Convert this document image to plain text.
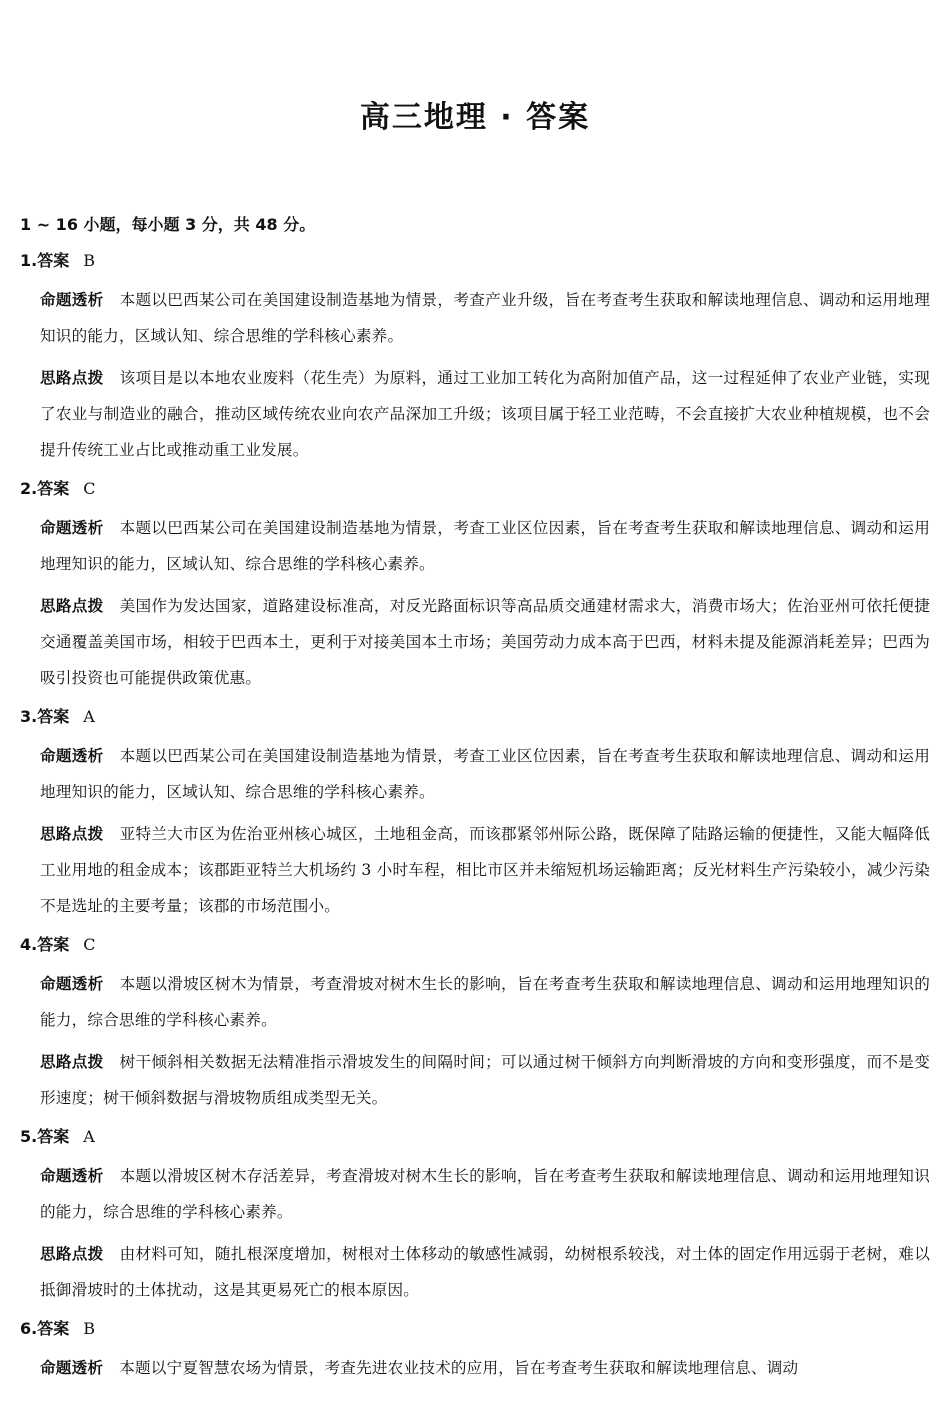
高三地理 · 答案
1 ~ 16 小题，每小题 3 分，共 48 分。
1.答案 B
命题透析 本题以巴西某公司在美国建设制造基地为情景，考查产业升级，旨在考查考生获取和解读地理信息、调动和运用地理知识的能力，区域认知、综合思维的学科核心素养。
思路点拨 该项目是以本地农业废料（花生壳）为原料，通过工业加工转化为高附加值产品，这一过程延伸了农业产业链，实现了农业与制造业的融合，推动区域传统农业向农产品深加工升级；该项目属于轻工业范畴，不会直接扩大农业种植规模，也不会提升传统工业占比或推动重工业发展。
2.答案 C
命题透析 本题以巴西某公司在美国建设制造基地为情景，考查工业区位因素，旨在考查考生获取和解读地理信息、调动和运用地理知识的能力，区域认知、综合思维的学科核心素养。
思路点拨 美国作为发达国家，道路建设标准高，对反光路面标识等高品质交通建材需求大，消费市场大；佐治亚州可依托便捷交通覆盖美国市场，相较于巴西本土，更利于对接美国本土市场；美国劳动力成本高于巴西，材料未提及能源消耗差异；巴西为吸引投资也可能提供政策优惠。
3.答案 A
命题透析 本题以巴西某公司在美国建设制造基地为情景，考查工业区位因素，旨在考查考生获取和解读地理信息、调动和运用地理知识的能力，区域认知、综合思维的学科核心素养。
思路点拨 亚特兰大市区为佐治亚州核心城区，土地租金高，而该郡紧邻州际公路，既保障了陆路运输的便捷性，又能大幅降低工业用地的租金成本；该郡距亚特兰大机场约 3 小时车程，相比市区并未缩短机场运输距离；反光材料生产污染较小，减少污染不是选址的主要考量；该郡的市场范围小。
4.答案 C
命题透析 本题以滑坡区树木为情景，考查滑坡对树木生长的影响，旨在考查考生获取和解读地理信息、调动和运用地理知识的能力，综合思维的学科核心素养。
思路点拨 树干倾斜相关数据无法精准指示滑坡发生的间隔时间；可以通过树干倾斜方向判断滑坡的方向和变形强度，而不是变形速度；树干倾斜数据与滑坡物质组成类型无关。
5.答案 A
命题透析 本题以滑坡区树木存活差异，考查滑坡对树木生长的影响，旨在考查考生获取和解读地理信息、调动和运用地理知识的能力，综合思维的学科核心素养。
思路点拨 由材料可知，随扎根深度增加，树根对土体移动的敏感性减弱，幼树根系较浅，对土体的固定作用远弱于老树，难以抵御滑坡时的土体扰动，这是其更易死亡的根本原因。
6.答案 B
命题透析 本题以宁夏智慧农场为情景，考查先进农业技术的应用，旨在考查考生获取和解读地理信息、调动
